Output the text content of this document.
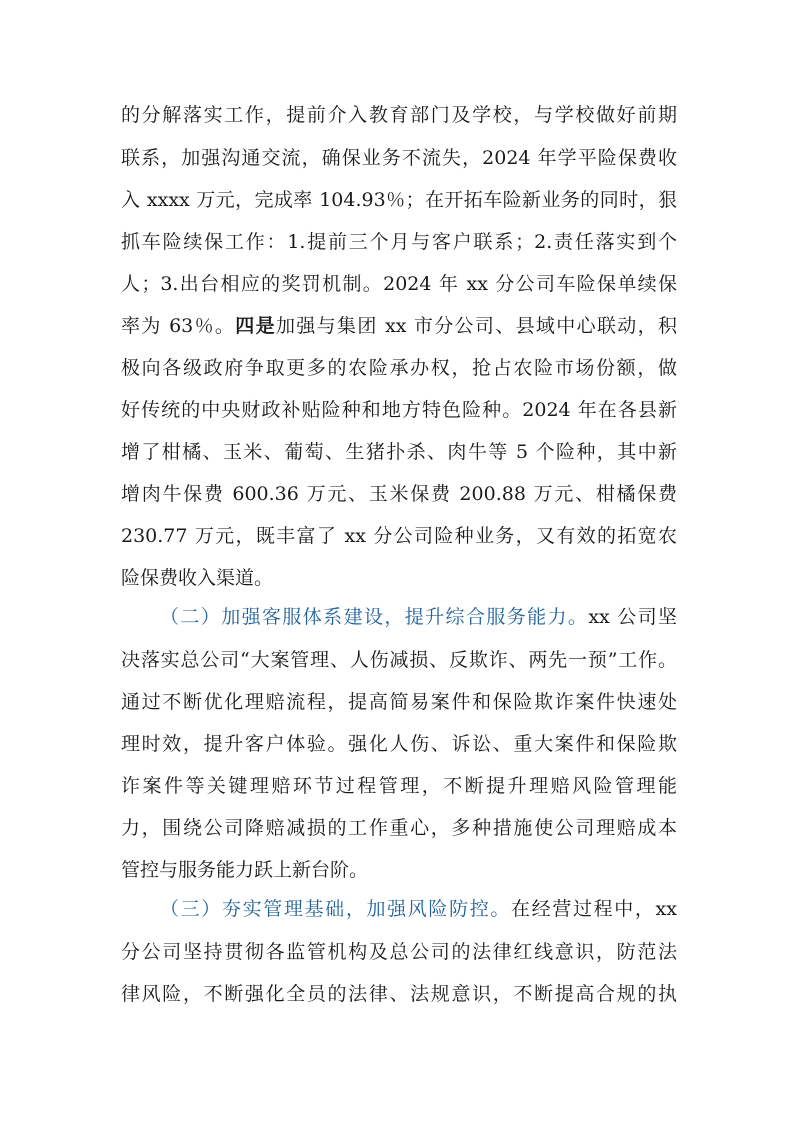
的分解落实工作，提前介入教育部门及学校，与学校做好前期
联系，加强沟通交流，确保业务不流失，2024 年学平险保费收
入 xxxx 万元，完成率 104.93％；在开拓车险新业务的同时，狠
抓车险续保工作：1.提前三个月与客户联系；2.责任落实到个
人；3.出台相应的奖罚机制。2024 年 xx 分公司车险保单续保
率为 63％。四是加强与集团 xx 市分公司、县域中心联动，积
极向各级政府争取更多的农险承办权，抢占农险市场份额，做
好传统的中央财政补贴险种和地方特色险种。2024 年在各县新
增了柑橘、玉米、葡萄、生猪扑杀、肉牛等 5 个险种，其中新
增肉牛保费 600.36 万元、玉米保费 200.88 万元、柑橘保费
230.77 万元，既丰富了 xx 分公司险种业务，又有效的拓宽农
险保费收入渠道。
（二）加强客服体系建设，提升综合服务能力。xx 公司坚
决落实总公司“大案管理、人伤减损、反欺诈、两先一预”工作。
通过不断优化理赔流程，提高简易案件和保险欺诈案件快速处
理时效，提升客户体验。强化人伤、诉讼、重大案件和保险欺
诈案件等关键理赔环节过程管理，不断提升理赔风险管理能
力，围绕公司降赔减损的工作重心，多种措施使公司理赔成本
管控与服务能力跃上新台阶。
（三）夯实管理基础，加强风险防控。在经营过程中，xx
分公司坚持贯彻各监管机构及总公司的法律红线意识，防范法
律风险，不断强化全员的法律、法规意识，不断提高合规的执
